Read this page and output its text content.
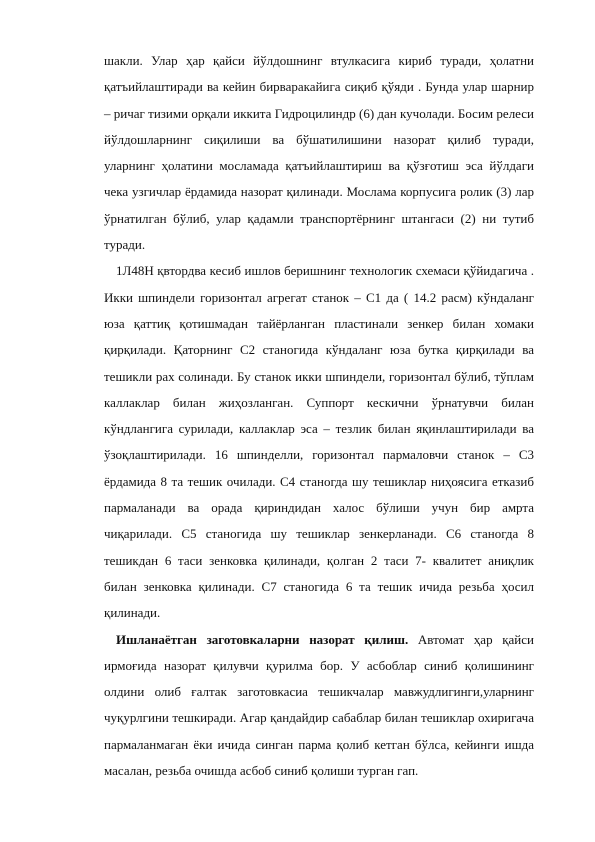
шакли. Улар ҳар қайси йўлдошнинг втулкасига кириб туради, ҳолатни қатъийлаштиради ва кейин бирваракайига сиқиб қўяди . Бунда улар шарнир – ричаг тизими орқали иккита Гидроцилиндр (6) дан кучолади. Босим релеси йўлдошларнинг сиқилиши ва бўшатилишини назорат қилиб туради, уларнинг ҳолатини мосламада қатъийлаштириш ва қўзғотиш эса йўлдаги чека узгичлар ёрдамида назорат қилинади. Мослама корпусига ролик (3) лар ўрнатилган бўлиб, улар қадамли транспортёрнинг штангаси (2) ни тутиб туради.

1Л48Н қвтордва кесиб ишлов беришнинг технологик схемаси қўйидагича . Икки шпиндели горизонтал агрегат станок – С1 да ( 14.2 расм) кўндаланг юза қаттиқ қотишмадан тайёрланган пластинали зенкер билан хомаки қирқилади. Қаторнинг С2 станогида кўндаланг юза бутка қирқилади ва тешикли рах солинади. Бу станок икки шпиндели, горизонтал бўлиб, тўплам каллаклар билан жиҳозланган. Суппорт кескични ўрнатувчи билан кўндлангига сурилади, каллаклар эса – тезлик билан яқинлаштирилади ва ўзоқлаштирилади. 16 шпинделли, горизонтал пармаловчи станок – С3 ёрдамида 8 та тешик очилади. С4 станогда шу тешиклар ниҳоясига етказиб пармаланади ва орада қириндидан халос бўлиши учун бир амрта чиқарилади. С5 станогида шу тешиклар зенкерланади. С6 станогда 8 тешикдан 6 таси зенковка қилинади, қолган 2 таси 7- квалитет аниқлик билан зенковка қилинади. С7 станогида 6 та тешик ичида резьба ҳосил қилинади.

Ишланаётган заготовкаларни назорат қилиш. Автомат ҳар қайси ирмоғида назорат қилувчи қурилма бор. У асбоблар синиб қолишининг олдини олиб ғалтак заготовкасиа тешикчалар мавжудлигинги,уларнинг чуқурлгини тешкиради. Агар қандайдир сабаблар билан тешиклар охиригача пармаланмаган ёки ичида синган парма қолиб кетган бўлса, кейинги ишда масалан, резьба очишда асбоб синиб қолиши турган гап.
